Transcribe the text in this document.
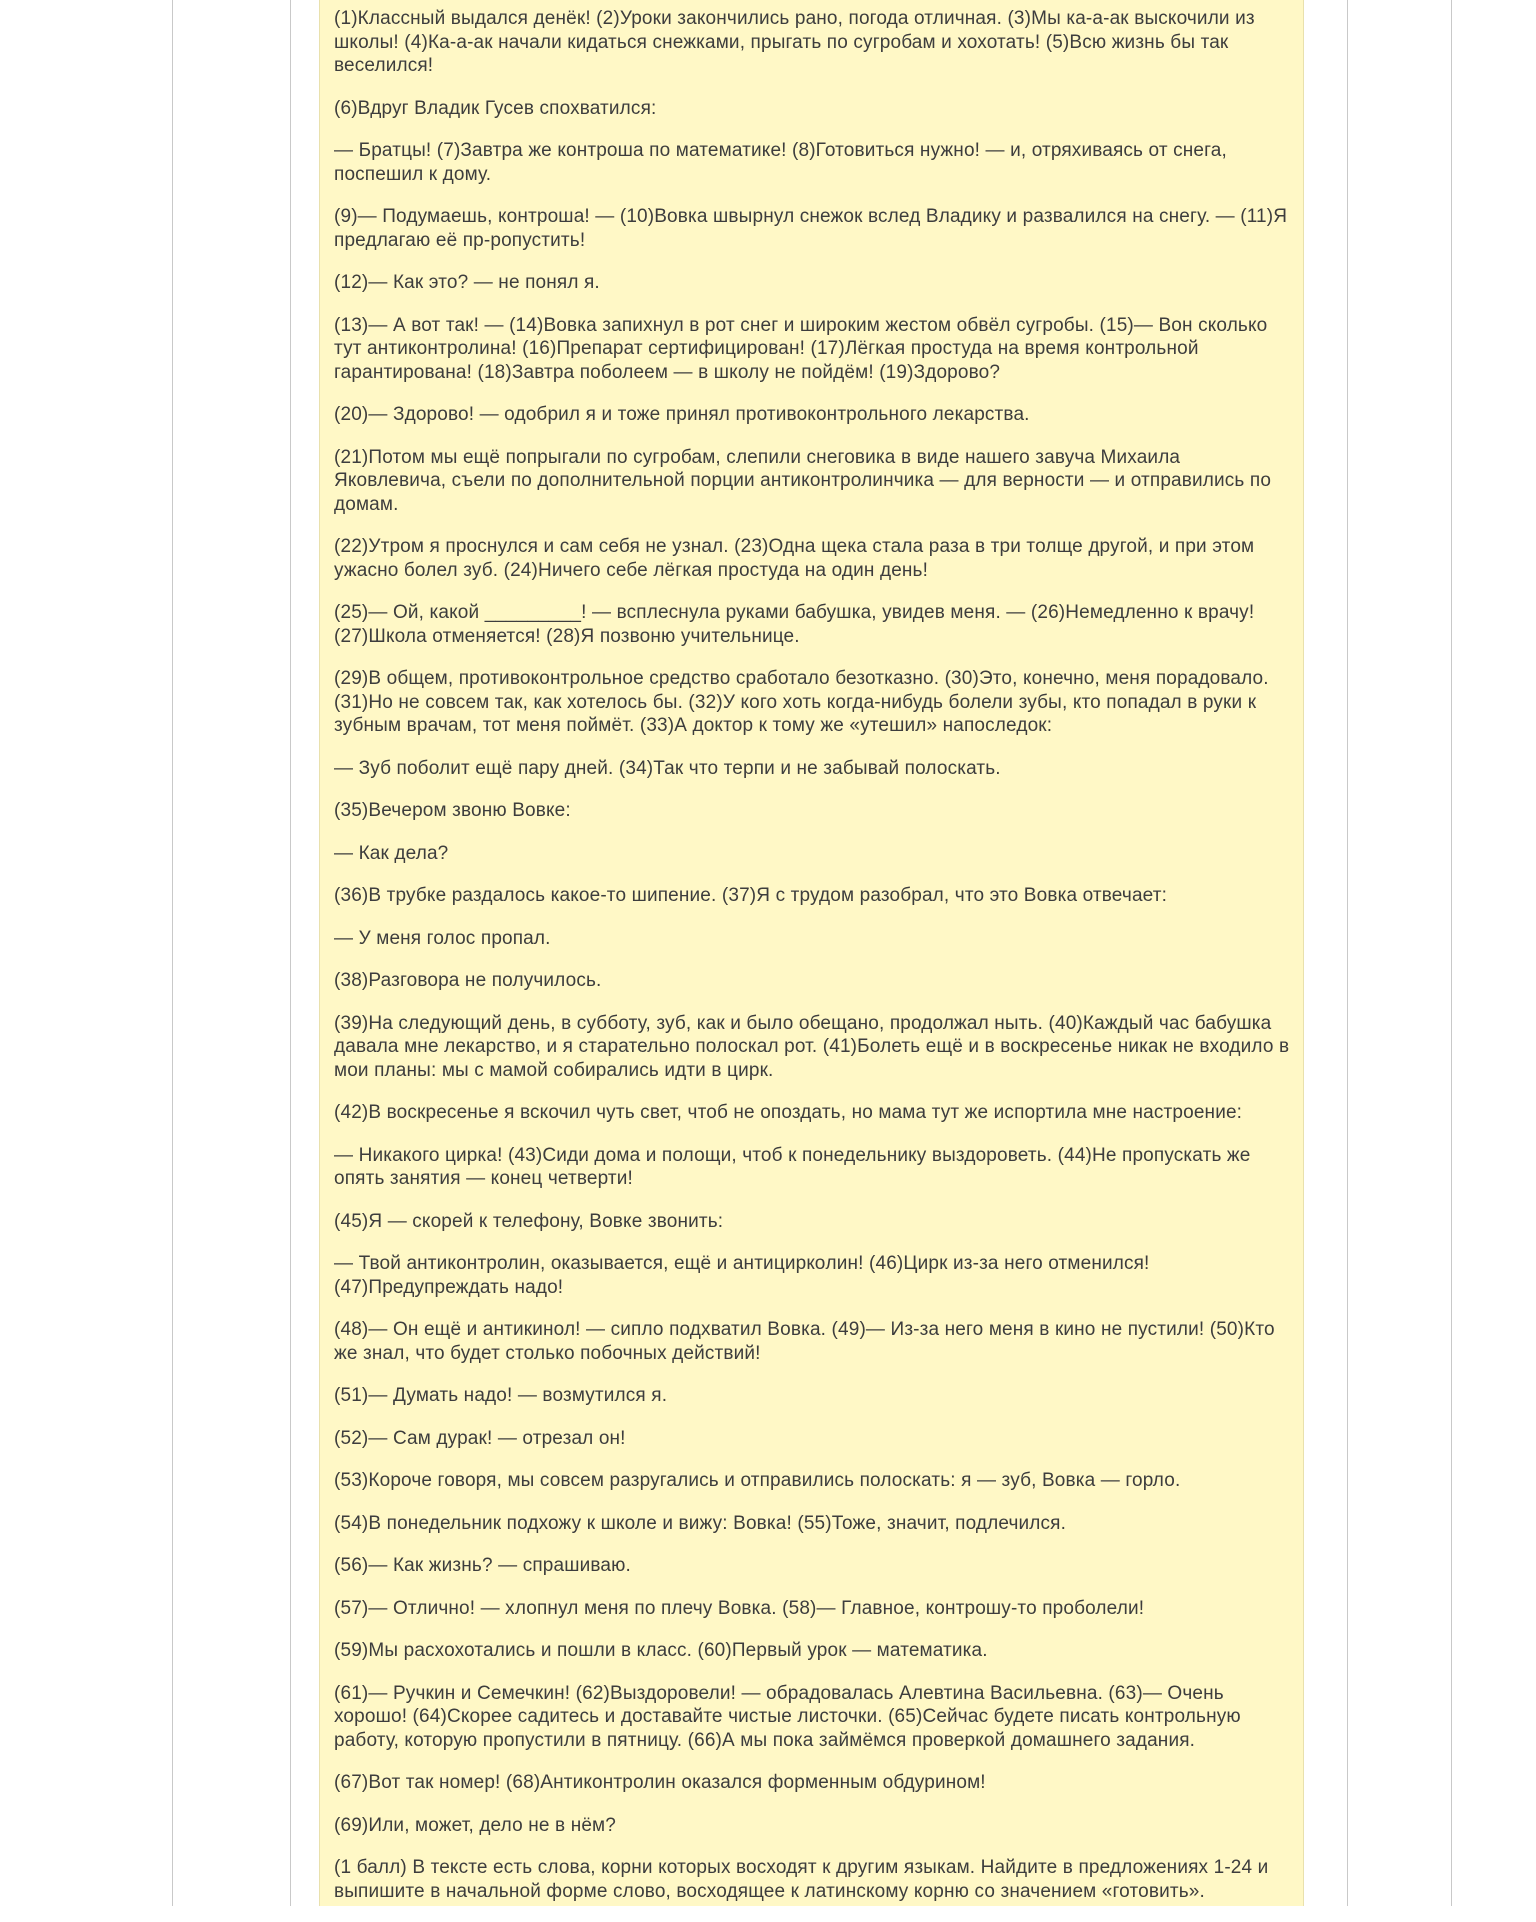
(1)Классный выдался денёк! (2)Уроки закончились рано, погода отличная. (3)Мы ка-а-ак выскочили из школы! (4)Ка-а-ак начали кидаться снежками, прыгать по сугробам и хохотать! (5)Всю жизнь бы так веселился!

(6)Вдруг Владик Гусев спохватился:

— Братцы! (7)Завтра же контроша по математике! (8)Готовиться нужно! — и, отряхиваясь от снега, поспешил к дому.

(9)— Подумаешь, контроша! — (10)Вовка швырнул снежок вслед Владику и развалился на снегу. — (11)Я предлагаю её пр-ропустить!

(12)— Как это? — не понял я.

(13)— А вот так! — (14)Вовка запихнул в рот снег и широким жестом обвёл сугробы. (15)— Вон сколько тут антиконтролина! (16)Препарат сертифицирован! (17)Лёгкая простуда на время контрольной гарантирована! (18)Завтра поболеем — в школу не пойдём! (19)Здорово?

(20)— Здорово! — одобрил я и тоже принял противоконтрольного лекарства.

(21)Потом мы ещё попрыгали по сугробам, слепили снеговика в виде нашего завуча Михаила Яковлевича, съели по дополнительной порции антиконтролинчика — для верности — и отправились по домам.

(22)Утром я проснулся и сам себя не узнал. (23)Одна щека стала раза в три толще другой, и при этом ужасно болел зуб. (24)Ничего себе лёгкая простуда на один день!

(25)— Ой, какой _________! — всплеснула руками бабушка, увидев меня. — (26)Немедленно к врачу! (27)Школа отменяется! (28)Я позвоню учительнице.

(29)В общем, противоконтрольное средство сработало безотказно. (30)Это, конечно, меня порадовало. (31)Но не совсем так, как хотелось бы. (32)У кого хоть когда-нибудь болели зубы, кто попадал в руки к зубным врачам, тот меня поймёт. (33)А доктор к тому же «утешил» напоследок:

— Зуб поболит ещё пару дней. (34)Так что терпи и не забывай полоскать.

(35)Вечером звоню Вовке:

— Как дела?

(36)В трубке раздалось какое-то шипение. (37)Я с трудом разобрал, что это Вовка отвечает:

— У меня голос пропал.

(38)Разговора не получилось.

(39)На следующий день, в субботу, зуб, как и было обещано, продолжал ныть. (40)Каждый час бабушка давала мне лекарство, и я старательно полоскал рот. (41)Болеть ещё и в воскресенье никак не входило в мои планы: мы с мамой собирались идти в цирк.

(42)В воскресенье я вскочил чуть свет, чтоб не опоздать, но мама тут же испортила мне настроение:

— Никакого цирка! (43)Сиди дома и полощи, чтоб к понедельнику выздороветь. (44)Не пропускать же опять занятия — конец четверти!

(45)Я — скорей к телефону, Вовке звонить:

— Твой антиконтролин, оказывается, ещё и антициркoлин! (46)Цирк из-за него отменился! (47)Предупреждать надо!

(48)— Он ещё и антикинол! — сипло подхватил Вовка. (49)— Из-за него меня в кино не пустили! (50)Кто же знал, что будет столько побочных действий!

(51)— Думать надо! — возмутился я.

(52)— Сам дурак! — отрезал он!

(53)Короче говоря, мы совсем разругались и отправились полоскать: я — зуб, Вовка — горло.

(54)В понедельник подхожу к школе и вижу: Вовка! (55)Тоже, значит, подлечился.

(56)— Как жизнь? — спрашиваю.

(57)— Отлично! — хлопнул меня по плечу Вовка. (58)— Главное, контрошу-то проболели!

(59)Мы расхохотались и пошли в класс. (60)Первый урок — математика.

(61)— Ручкин и Семечкин! (62)Выздоровели! — обрадовалась Алевтина Васильевна. (63)— Очень хорошо! (64)Скорее садитесь и доставайте чистые листочки. (65)Сейчас будете писать контрольную работу, которую пропустили в пятницу. (66)А мы пока займёмся проверкой домашнего задания.

(67)Вот так номер! (68)Антиконтролин оказался форменным обдурином!

(69)Или, может, дело не в нём?

(1 балл) В тексте есть слова, корни которых восходят к другим языкам. Найдите в предложениях 1-24 и выпишите в начальной форме слово, восходящее к латинскому корню со значением «готовить».
